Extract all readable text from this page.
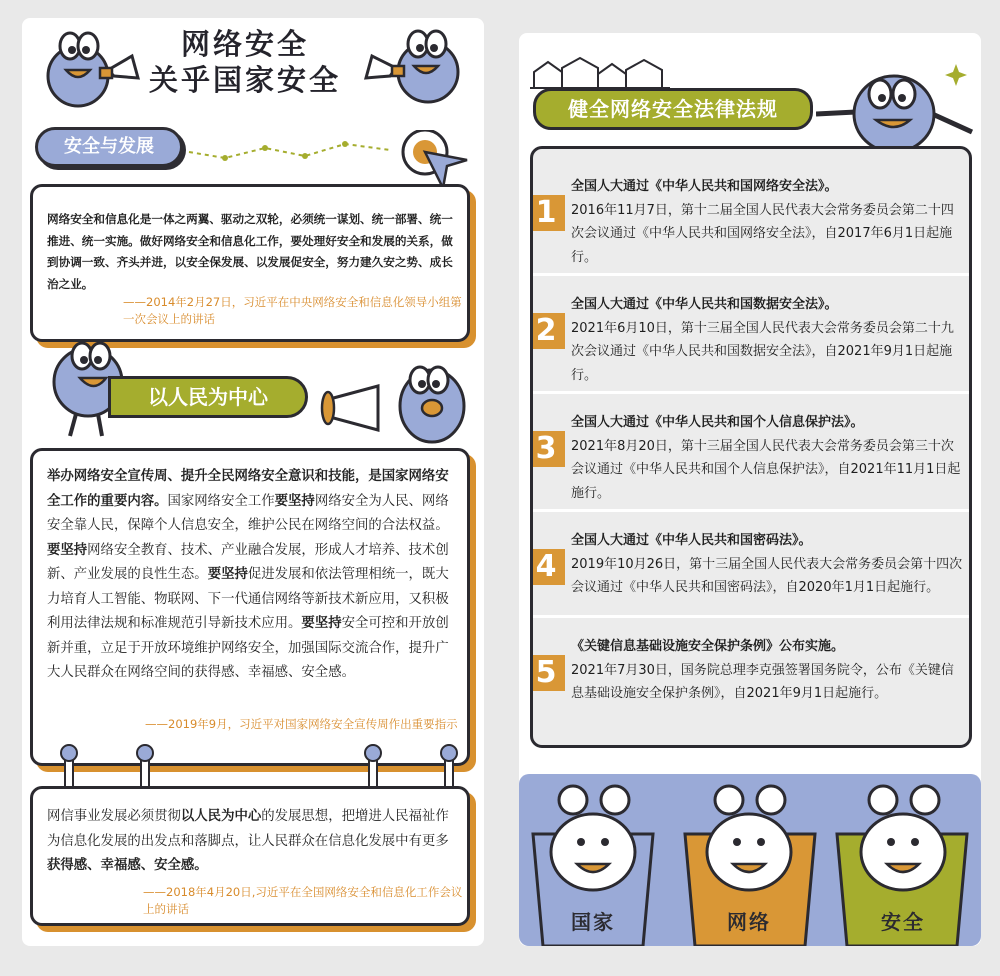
网络安全
关乎国家安全
安全与发展
网络安全和信息化是一体之两翼、驱动之双轮，必须统一谋划、统一部署、统一推进、统一实施。做好网络安全和信息化工作，要处理好安全和发展的关系，做到协调一致、齐头并进，以安全保发展、以发展促安全，努力建久安之势、成长治之业。
——2014年2月27日，习近平在中央网络安全和信息化领导小组第一次会议上的讲话
以人民为中心
举办网络安全宣传周、提升全民网络安全意识和技能，是国家网络安全工作的重要内容。国家网络安全工作要坚持网络安全为人民、网络安全靠人民，保障个人信息安全，维护公民在网络空间的合法权益。要坚持网络安全教育、技术、产业融合发展，形成人才培养、技术创新、产业发展的良性生态。要坚持促进发展和依法管理相统一，既大力培育人工智能、物联网、下一代通信网络等新技术新应用，又积极利用法律法规和标准规范引导新技术应用。要坚持安全可控和开放创新并重，立足于开放环境维护网络安全，加强国际交流合作，提升广大人民群众在网络空间的获得感、幸福感、安全感。
——2019年9月，习近平对国家网络安全宣传周作出重要指示
网信事业发展必须贯彻以人民为中心的发展思想，把增进人民福祉作为信息化发展的出发点和落脚点，让人民群众在信息化发展中有更多获得感、幸福感、安全感。
——2018年4月20日,习近平在全国网络安全和信息化工作会议上的讲话
1
全国人大通过《中华人民共和国网络安全法》。
2016年11月7日，第十二届全国人民代表大会常务委员会第二十四次会议通过《中华人民共和国网络安全法》，自2017年6月1日起施行。
2
全国人大通过《中华人民共和国数据安全法》。
2021年6月10日，第十三届全国人民代表大会常务委员会第二十九次会议通过《中华人民共和国数据安全法》，自2021年9月1日起施行。
3
全国人大通过《中华人民共和国个人信息保护法》。
2021年8月20日，第十三届全国人民代表大会常务委员会第三十次会议通过《中华人民共和国个人信息保护法》，自2021年11月1日起施行。
4
全国人大通过《中华人民共和国密码法》。
2019年10月26日，第十三届全国人民代表大会常务委员会第十四次会议通过《中华人民共和国密码法》，自2020年1月1日起施行。
5
《关键信息基础设施安全保护条例》公布实施。
2021年7月30日，国务院总理李克强签署国务院令，公布《关键信息基础设施安全保护条例》，自2021年9月1日起施行。
健全网络安全法律法规
国家	网络	安全
